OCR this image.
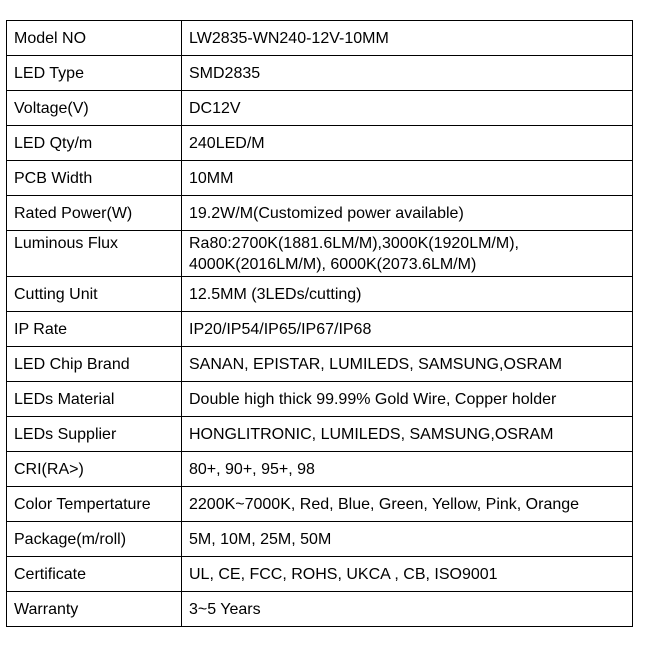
Model NO	LW2835-WN240-12V-10MM
LED Type	SMD2835
Voltage(V)	DC12V
LED Qty/m	240LED/M
PCB Width	10MM
Rated Power(W)	19.2W/M(Customized power available)
Luminous Flux	Ra80:2700K(1881.6LM/M),3000K(1920LM/M),
4000K(2016LM/M), 6000K(2073.6LM/M)

Cutting Unit	12.5MM (3LEDs/cutting)
IP Rate	IP20/IP54/IP65/IP67/IP68
LED Chip Brand	SANAN, EPISTAR, LUMILEDS, SAMSUNG,OSRAM
LEDs Material	Double high thick 99.99% Gold Wire, Copper holder
LEDs Supplier	HONGLITRONIC, LUMILEDS, SAMSUNG,OSRAM
CRI(RA>)	80+, 90+, 95+, 98
Color Tempertature	2200K~7000K, Red, Blue, Green, Yellow, Pink, Orange
Package(m/roll)	5M, 10M, 25M, 50M
Certificate	UL, CE, FCC, ROHS, UKCA , CB, ISO9001
Warranty	3~5 Years
